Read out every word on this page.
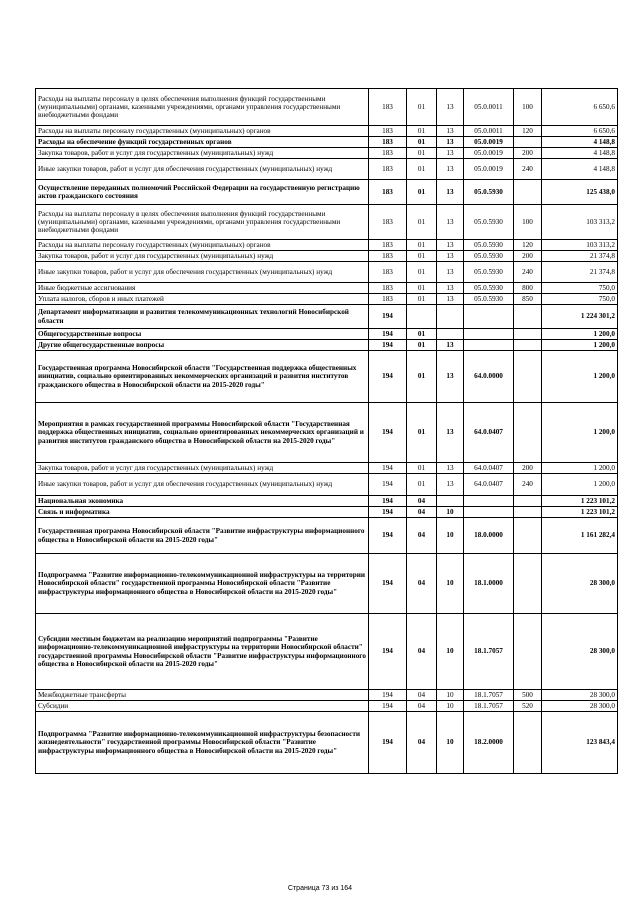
Расходы на выплаты персоналу в целях обеспечения выполнения функций государственными (муниципальными) органами, казенными учреждениями, органами управления государственными внебюджетными фондами	183	01	13	05.0.0011	100	6 650,6
Расходы на выплаты персоналу государственных (муниципальных) органов	183	01	13	05.0.0011	120	6 650,6
Расходы на обеспечение функций государственных органов	183	01	13	05.0.0019		4 148,8
Закупка товаров, работ и услуг для государственных (муниципальных) нужд	183	01	13	05.0.0019	200	4 148,8
Иные закупки товаров, работ и услуг для обеспечения государственных (муниципальных) нужд	183	01	13	05.0.0019	240	4 148,8
Осуществление переданных полномочий Российской Федерации на государственную регистрацию актов гражданского состояния	183	01	13	05.0.5930		125 438,0
Расходы на выплаты персоналу в целях обеспечения выполнения функций государственными (муниципальными) органами, казенными учреждениями, органами управления государственными внебюджетными фондами	183	01	13	05.0.5930	100	103 313,2
Расходы на выплаты персоналу государственных (муниципальных) органов	183	01	13	05.0.5930	120	103 313,2
Закупка товаров, работ и услуг для государственных (муниципальных) нужд	183	01	13	05.0.5930	200	21 374,8
Иные закупки товаров, работ и услуг для обеспечения государственных (муниципальных) нужд	183	01	13	05.0.5930	240	21 374,8
Иные бюджетные ассигнования	183	01	13	05.0.5930	800	750,0
Уплата налогов, сборов и иных платежей	183	01	13	05.0.5930	850	750,0
Департамент информатизации и развития телекоммуникационных технологий Новосибирской области	194					1 224 301,2
Общегосударственные вопросы	194	01				1 200,0
Другие общегосударственные вопросы	194	01	13			1 200,0
Государственная программа Новосибирской области "Государственная поддержка общественных инициатив, социально ориентированных некоммерческих организаций и развития институтов гражданского общества в Новосибирской области на 2015-2020 годы"	194	01	13	64.0.0000		1 200,0
Мероприятия в рамках государственной программы Новосибирской области "Государственная поддержка общественных инициатив, социально ориентированных некоммерческих организаций и развития институтов гражданского общества в Новосибирской области на 2015-2020 годы"	194	01	13	64.0.0407		1 200,0
Закупка товаров, работ и услуг для государственных (муниципальных) нужд	194	01	13	64.0.0407	200	1 200,0
Иные закупки товаров, работ и услуг для обеспечения государственных (муниципальных) нужд	194	01	13	64.0.0407	240	1 200,0
Национальная экономика	194	04				1 223 101,2
Связь и информатика	194	04	10			1 223 101,2
Государственная программа Новосибирской области "Развитие инфраструктуры информационного общества в Новосибирской области на 2015-2020 годы"	194	04	10	18.0.0000		1 161 282,4
Подпрограмма "Развитие информационно-телекоммуникационной инфраструктуры на территории Новосибирской области" государственной программы Новосибирской области "Развитие инфраструктуры информационного общества в Новосибирской области на 2015-2020 годы"	194	04	10	18.1.0000		28 300,0
Субсидии местным бюджетам на реализацию мероприятий подпрограммы "Развитие информационно-телекоммуникационной инфраструктуры на территории Новосибирской области" государственной программы Новосибирской области "Развитие инфраструктуры информационного общества в Новосибирской области на 2015-2020 годы"	194	04	10	18.1.7057		28 300,0
Межбюджетные трансферты	194	04	10	18.1.7057	500	28 300,0
Субсидии	194	04	10	18.1.7057	520	28 300,0
Подпрограмма "Развитие информационно-телекоммуникационной инфраструктуры безопасности жизнедеятельности" государственной программы Новосибирской области "Развитие инфраструктуры информационного общества в Новосибирской области на 2015-2020 годы"	194	04	10	18.2.0000		123 843,4
Страница 73 из 164
